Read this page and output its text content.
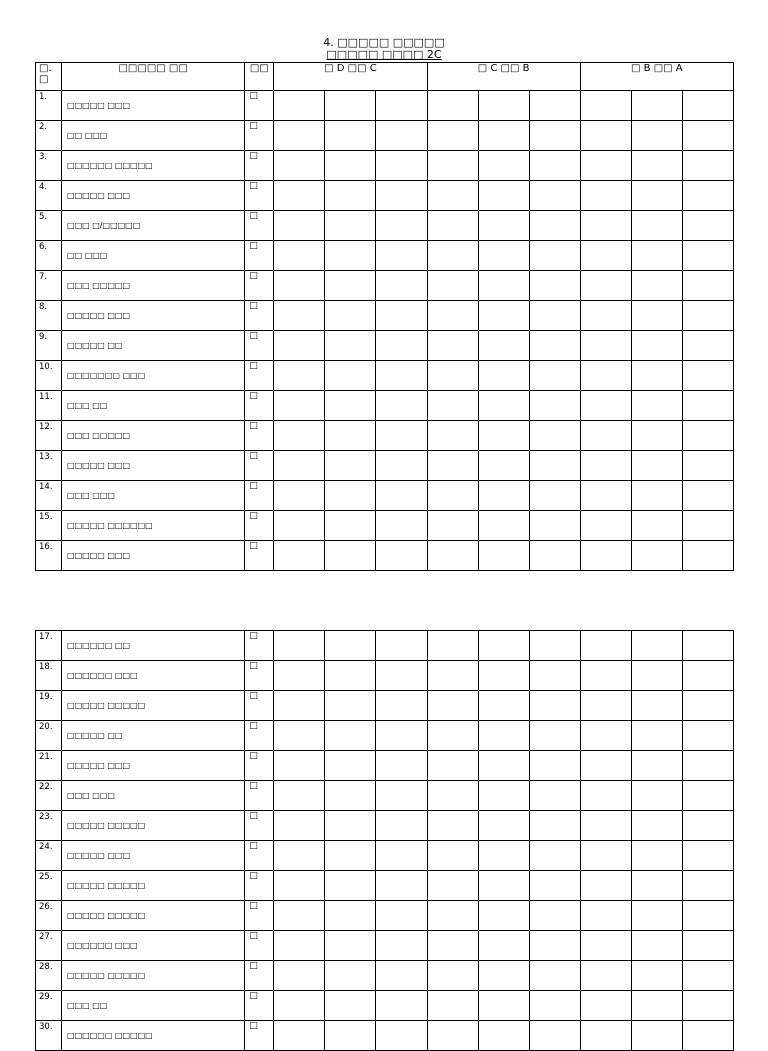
4. □□□□□ □□□□□
□□□□□ □□□□ 2C
□.
□	□□□□□ □□	□□	□ D □□ C			□ C □□ B			□ B □□ A		
1.	□□□□□ □□□	□									
2.	□□ □□□	□									
3.	□□□□□□ □□□□□	□									
4.	□□□□□ □□□	□									
5.	□□□ □/□□□□□	□									
6.	□□ □□□	□									
7.	□□□ □□□□□	□									
8.	□□□□□ □□□	□									
9.	□□□□□ □□	□									
10.	□□□□□□□ □□□	□									
11.	□□□ □□	□									
12.	□□□ □□□□□	□									
13.	□□□□□ □□□	□									
14.	□□□ □□□	□									
15.	□□□□□ □□□□□□	□									
16.	□□□□□ □□□	□									
17.	□□□□□□ □□	□									
18.	□□□□□□ □□□	□									
19.	□□□□□ □□□□□	□									
20.	□□□□□ □□	□									
21.	□□□□□ □□□	□									
22.	□□□ □□□	□									
23.	□□□□□ □□□□□	□									
24.	□□□□□ □□□	□									
25.	□□□□□ □□□□□	□									
26.	□□□□□ □□□□□	□									
27.	□□□□□□ □□□	□									
28.	□□□□□ □□□□□	□									
29.	□□□ □□	□									
30.	□□□□□□ □□□□□	□									
